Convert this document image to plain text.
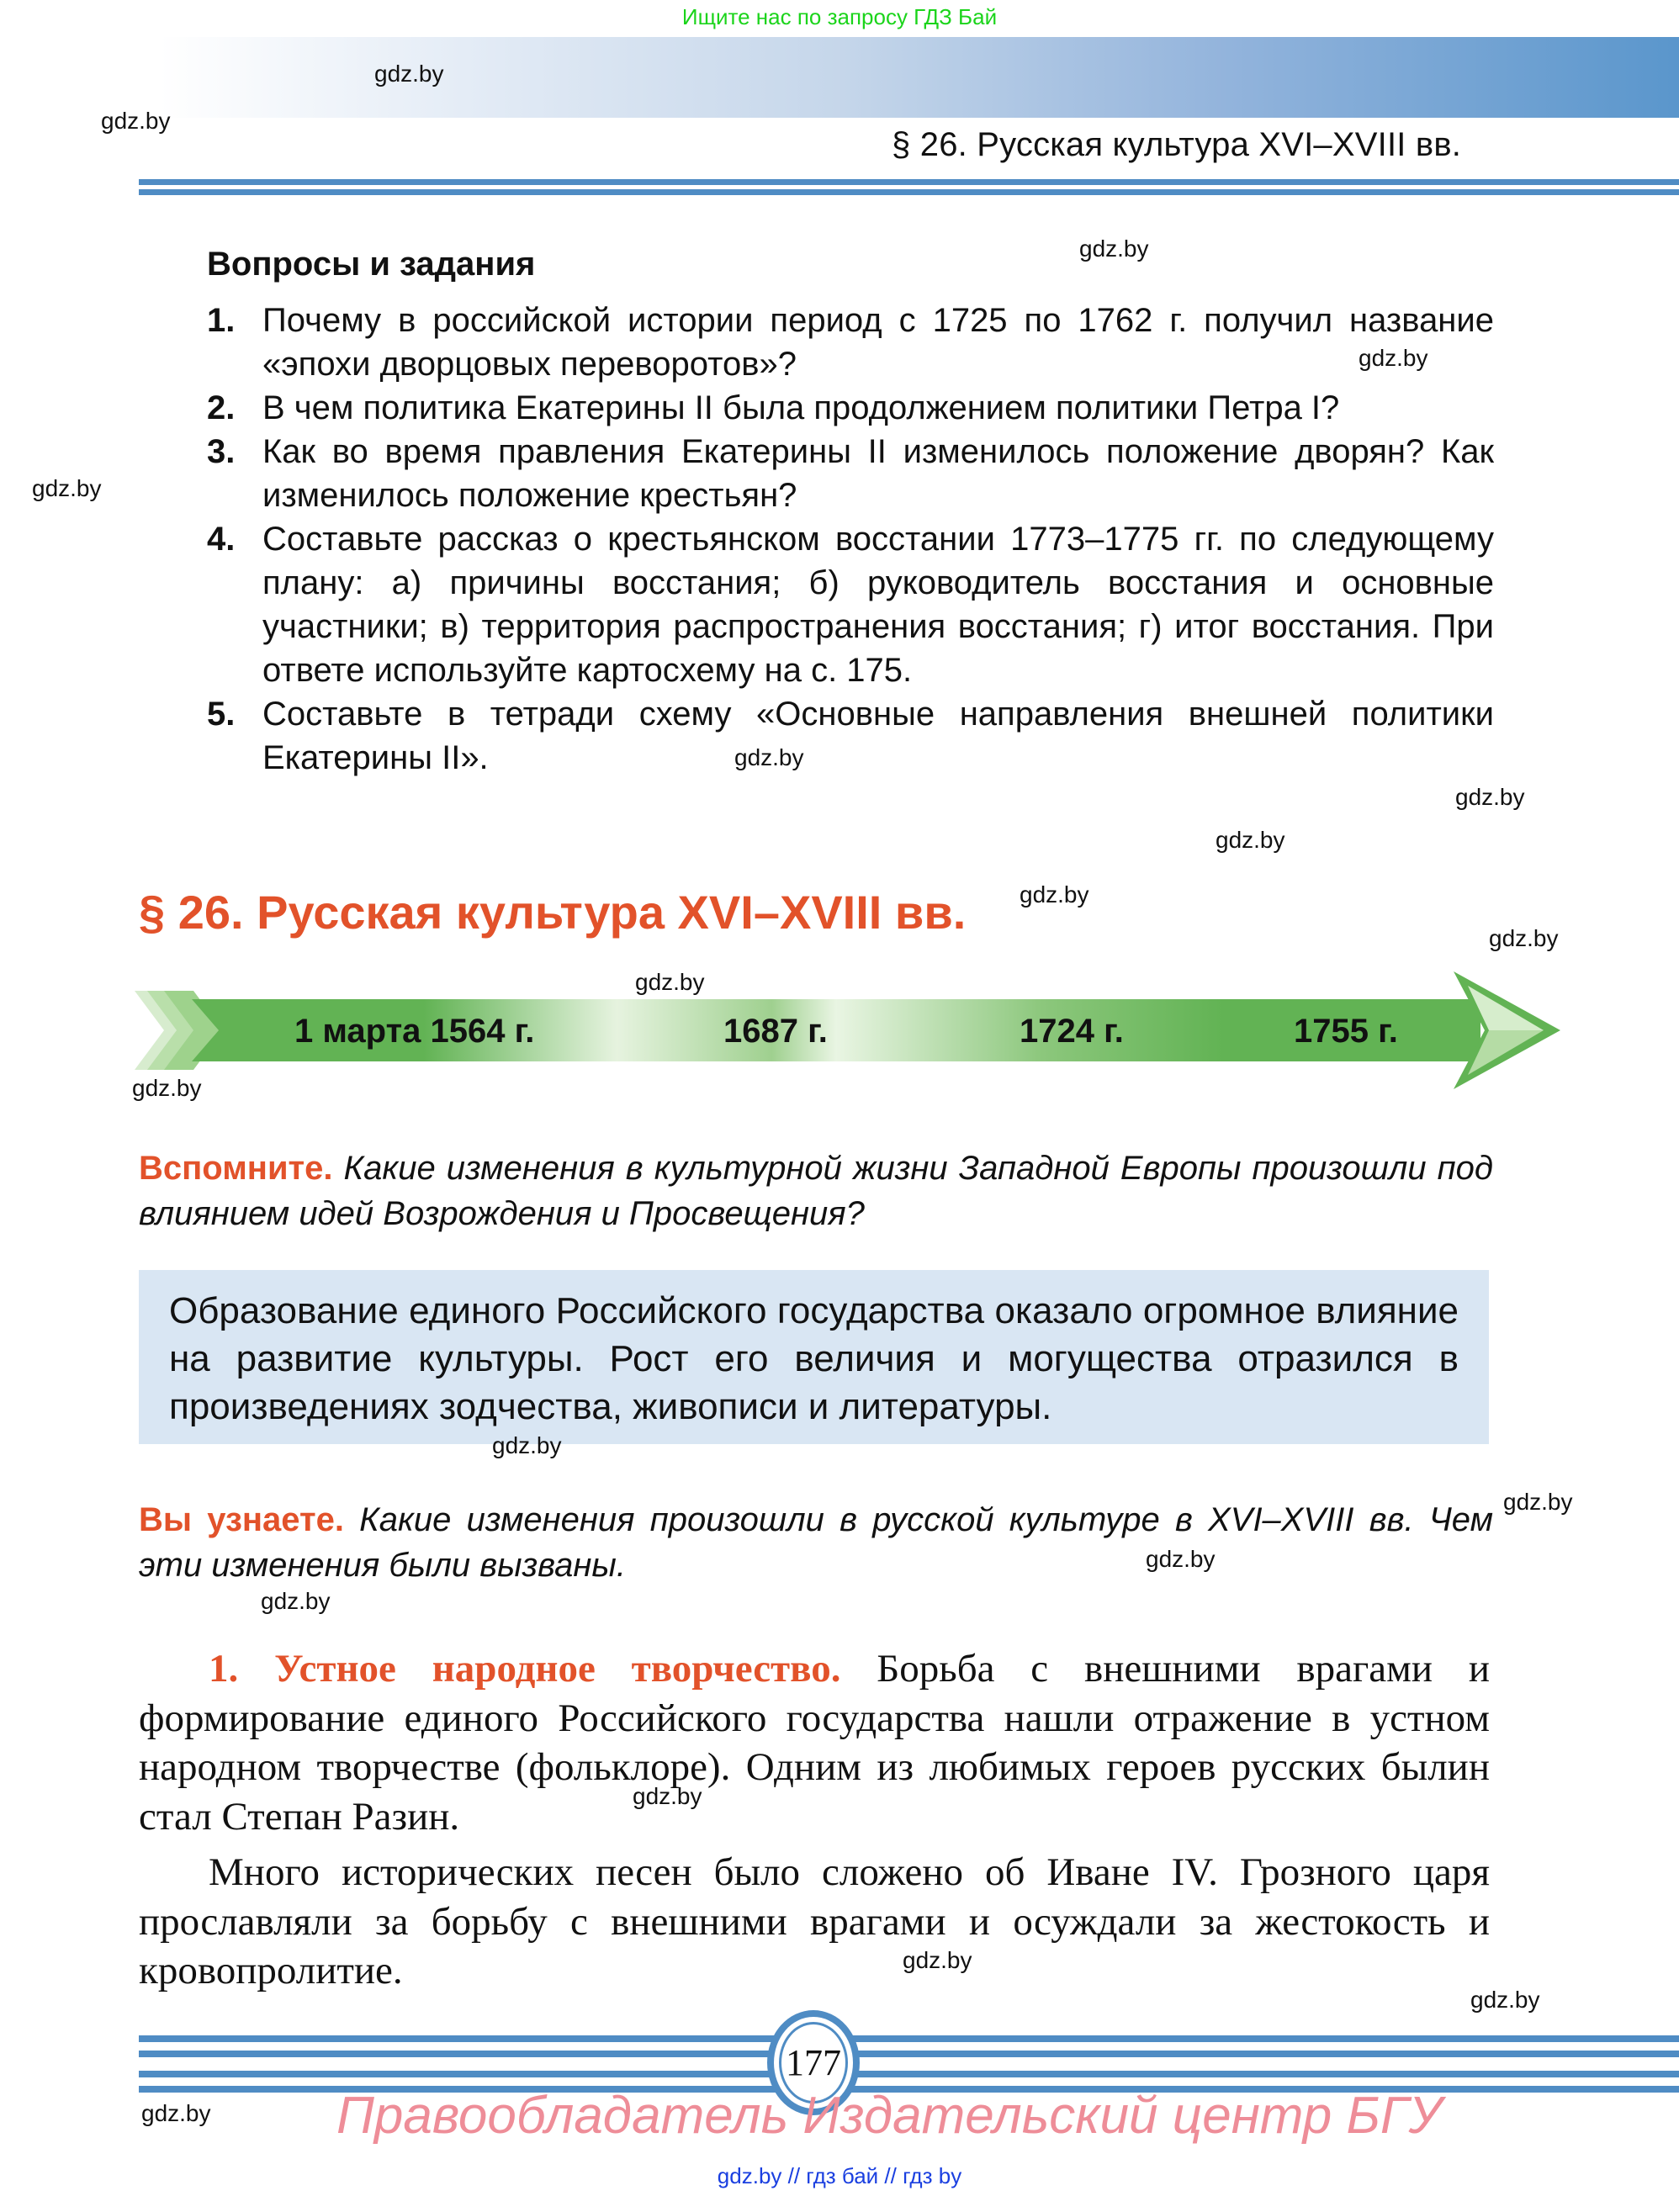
Ищите нас по запросу ГДЗ Бай
§ 26. Русская культура XVI–XVIII вв.
Вопросы и задания
1. Почему в российской истории период с 1725 по 1762 г. получил название «эпохи дворцовых переворотов»?
2. В чем политика Екатерины II была продолжением политики Петра I?
3. Как во время правления Екатерины II изменилось положение дворян? Как изменилось положение крестьян?
4. Составьте рассказ о крестьянском восстании 1773–1775 гг. по следующему плану: а) причины восстания; б) руководитель восстания и основные участники; в) территория распространения восстания; г) итог восстания. При ответе используйте картосхему на с. 175.
5. Составьте в тетради схему «Основные направления внешней политики Екатерины II».
§ 26. Русская культура XVI–XVIII вв.
1 марта 1564 г.	1687 г.	1724 г.	1755 г.
Вспомните. Какие изменения в культурной жизни Западной Европы произошли под влиянием идей Возрождения и Просвещения?

Образование единого Российского государства оказало огромное влияние на развитие культуры. Рост его величия и могущества отразился в произведениях зодчества, живописи и литературы.

Вы узнаете. Какие изменения произошли в русской культуре в XVI–XVIII вв. Чем эти изменения были вызваны.

1. Устное народное творчество. Борьба с внешними врагами и формирование единого Российского государства нашли отражение в устном народном творчестве (фольклоре). Одним из любимых героев русских былин стал Степан Разин.

Много исторических песен было сложено об Иване IV. Грозного царя прославляли за борьбу с внешними врагами и осуждали за жестокость и кровопролитие.

177
Правообладатель Издательский центр БГУ
gdz.by // гдз бай // гдз by
gdz.by
gdz.by
gdz.by
gdz.by
gdz.by
gdz.by
gdz.by
gdz.by
gdz.by
gdz.by
gdz.by
gdz.by
gdz.by
gdz.by
gdz.by
gdz.by
gdz.by
gdz.by
gdz.by
gdz.by
